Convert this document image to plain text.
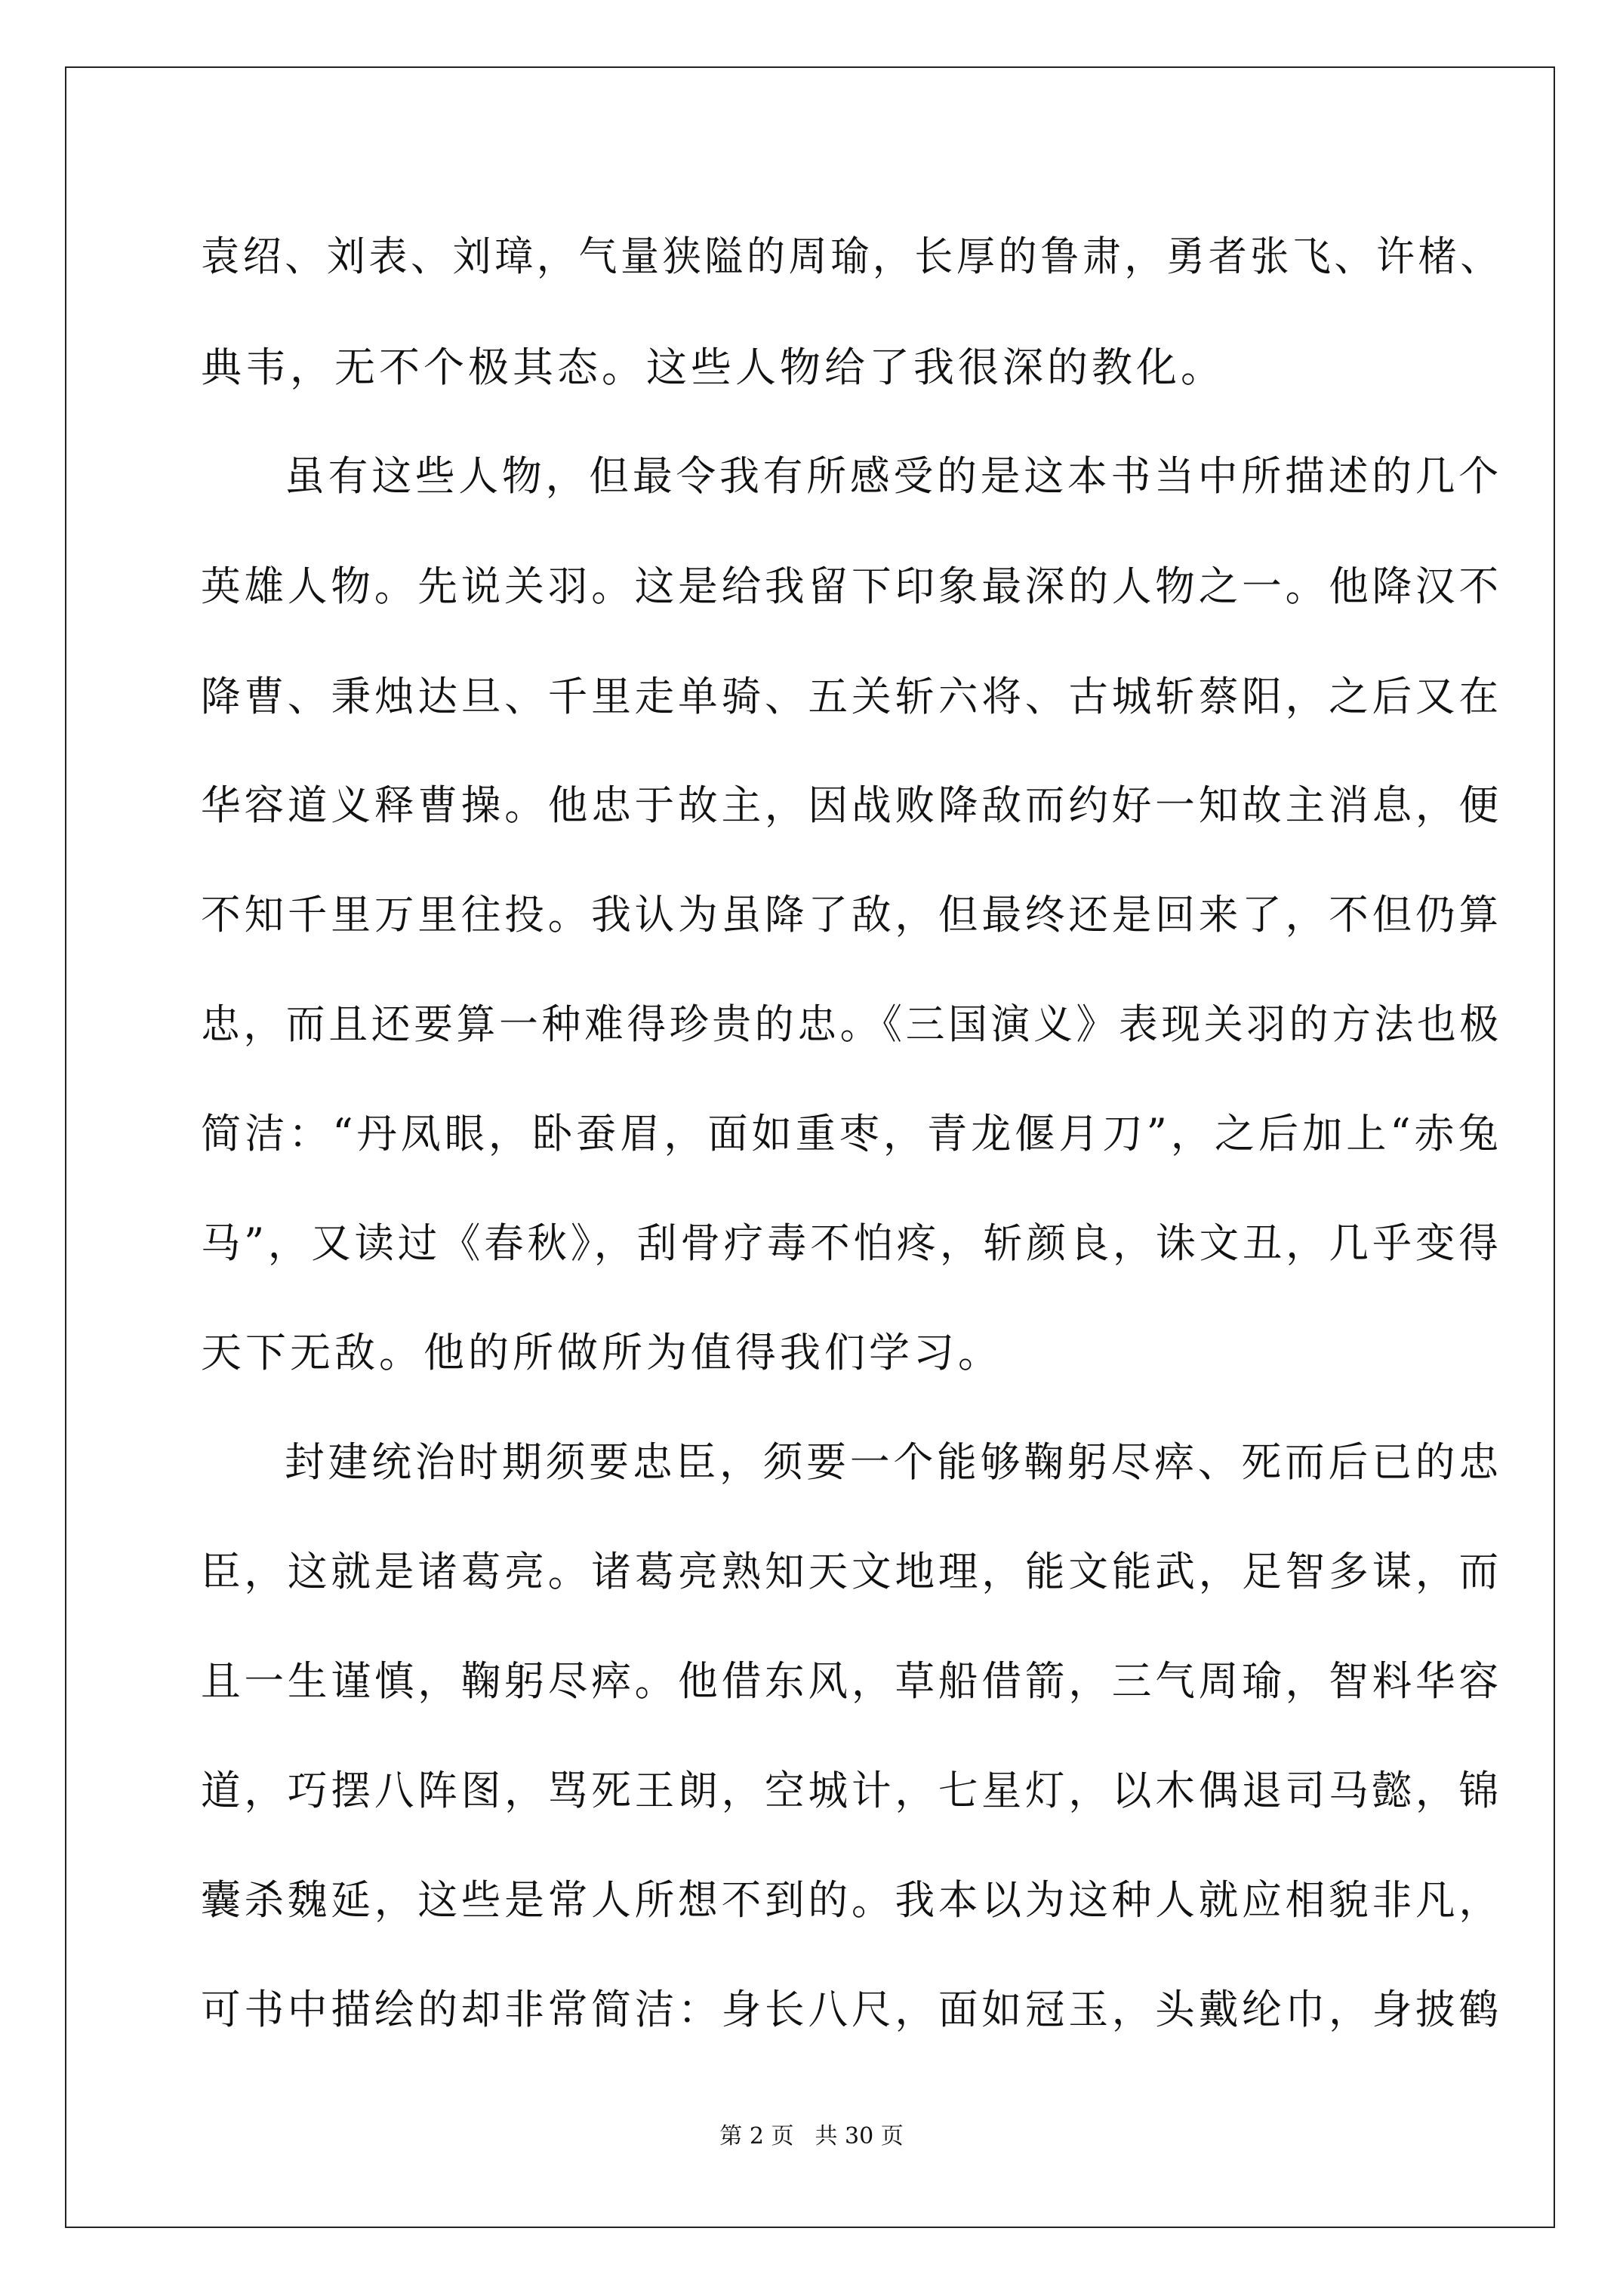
袁绍、刘表、刘璋，气量狭隘的周瑜，长厚的鲁肃，勇者张飞、许楮、
典韦，无不个极其态。这些人物给了我很深的教化。
虽有这些人物，但最令我有所感受的是这本书当中所描述的几个
英雄人物。先说关羽。这是给我留下印象最深的人物之一。他降汉不
降曹、秉烛达旦、千里走单骑、五关斩六将、古城斩蔡阳，之后又在
华容道义释曹操。他忠于故主，因战败降敌而约好一知故主消息，便
不知千里万里往投。我认为虽降了敌，但最终还是回来了，不但仍算
忠，而且还要算一种难得珍贵的忠。《三国演义》表现关羽的方法也极
简洁：“丹凤眼，卧蚕眉，面如重枣，青龙偃月刀”，之后加上“赤兔
马”，又读过《春秋》，刮骨疗毒不怕疼，斩颜良，诛文丑，几乎变得
天下无敌。他的所做所为值得我们学习。
封建统治时期须要忠臣，须要一个能够鞠躬尽瘁、死而后已的忠
臣，这就是诸葛亮。诸葛亮熟知天文地理，能文能武，足智多谋，而
且一生谨慎，鞠躬尽瘁。他借东风，草船借箭，三气周瑜，智料华容
道，巧摆八阵图，骂死王朗，空城计，七星灯，以木偶退司马懿，锦
囊杀魏延，这些是常人所想不到的。我本以为这种人就应相貌非凡，
可书中描绘的却非常简洁：身长八尺，面如冠玉，头戴纶巾，身披鹤
第 2 页 共 30 页
